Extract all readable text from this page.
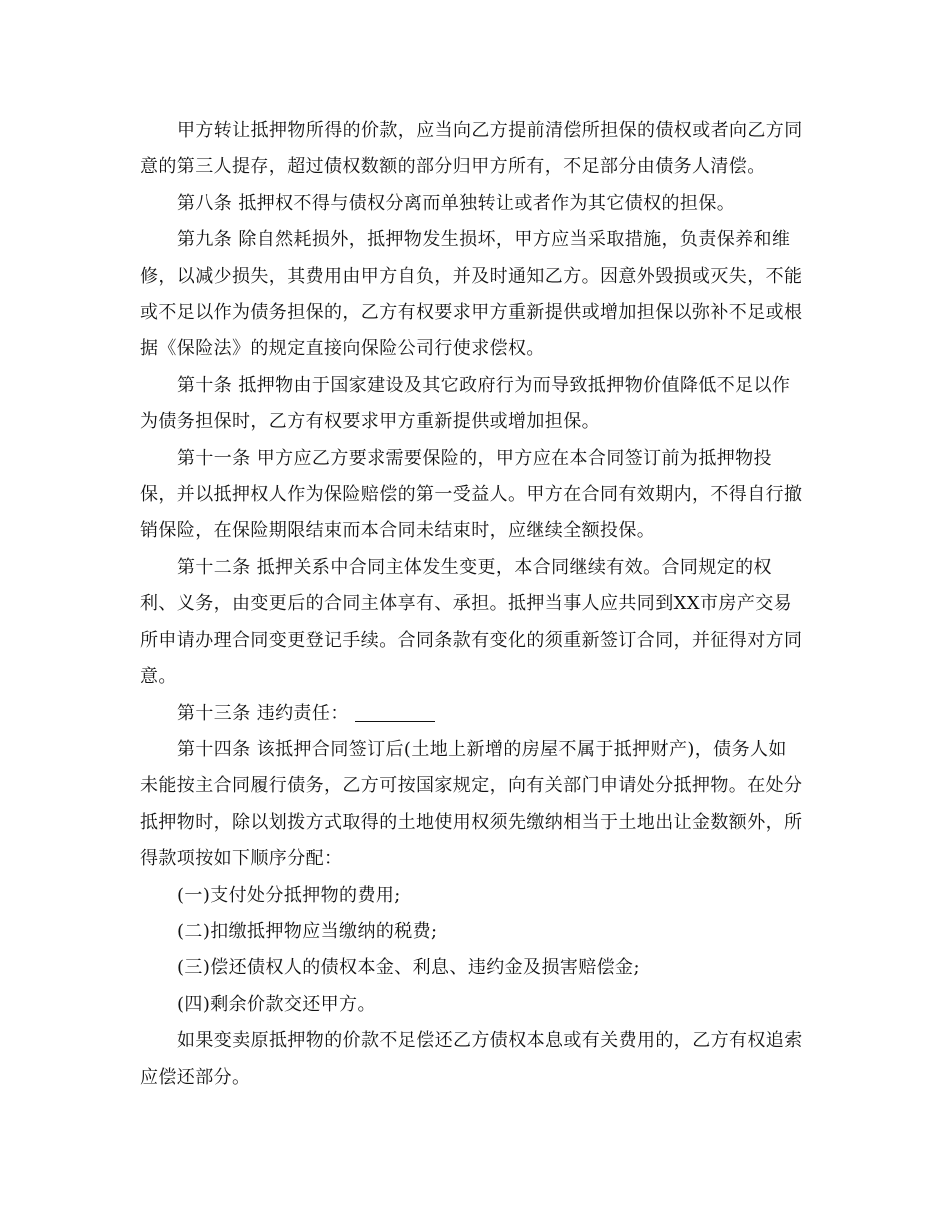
甲方转让抵押物所得的价款，应当向乙方提前清偿所担保的债权或者向乙方同
意的第三人提存，超过债权数额的部分归甲方所有，不足部分由债务人清偿。

第八条 抵押权不得与债权分离而单独转让或者作为其它债权的担保。

第九条 除自然耗损外，抵押物发生损坏，甲方应当采取措施，负责保养和维
修，以减少损失，其费用由甲方自负，并及时通知乙方。因意外毁损或灭失，不能
或不足以作为债务担保的，乙方有权要求甲方重新提供或增加担保以弥补不足或根
据《保险法》的规定直接向保险公司行使求偿权。

第十条 抵押物由于国家建设及其它政府行为而导致抵押物价值降低不足以作
为债务担保时，乙方有权要求甲方重新提供或增加担保。

第十一条 甲方应乙方要求需要保险的，甲方应在本合同签订前为抵押物投
保，并以抵押权人作为保险赔偿的第一受益人。甲方在合同有效期内，不得自行撤
销保险，在保险期限结束而本合同未结束时，应继续全额投保。

第十二条 抵押关系中合同主体发生变更，本合同继续有效。合同规定的权
利、义务，由变更后的合同主体享有、承担。抵押当事人应共同到XX市房产交易
所申请办理合同变更登记手续。合同条款有变化的须重新签订合同，并征得对方同
意。

第十三条 违约责任：

第十四条 该抵押合同签订后(土地上新增的房屋不属于抵押财产)，债务人如
未能按主合同履行债务，乙方可按国家规定，向有关部门申请处分抵押物。在处分
抵押物时，除以划拨方式取得的土地使用权须先缴纳相当于土地出让金数额外，所
得款项按如下顺序分配：

(一)支付处分抵押物的费用;

(二)扣缴抵押物应当缴纳的税费;

(三)偿还债权人的债权本金、利息、违约金及损害赔偿金;

(四)剩余价款交还甲方。

如果变卖原抵押物的价款不足偿还乙方债权本息或有关费用的，乙方有权追索
应偿还部分。
